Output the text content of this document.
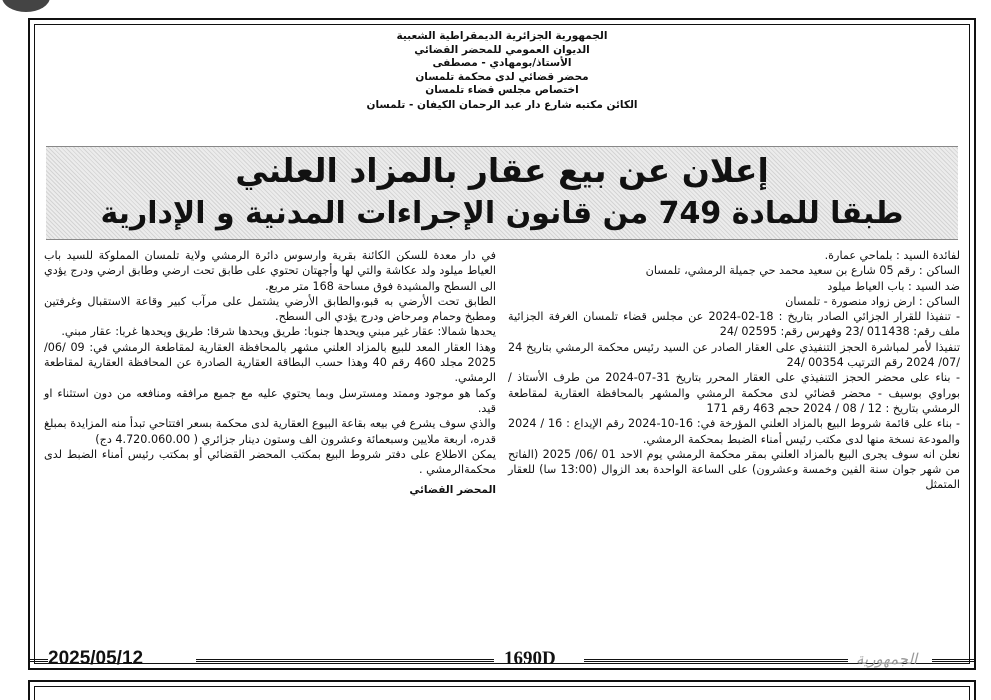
الجمهورية الجزائرية الديمقراطية الشعبية
الديوان العمومي للمحضر القضائي
الأستاذ/بومهادي - مصطفى
محضر قضائي لدى محكمة تلمسان
اختصاص مجلس قضاء تلمسان
الكائن مكتبه شارع دار عبد الرحمان الكيفان - تلمسان
إعلان عن بيع عقار بالمزاد العلني
طبقا للمادة 749 من قانون الإجراءات المدنية و الإدارية

لفائدة السيد : بلماحي عمارة.

الساكن : رقم 05 شارع بن سعيد محمد حي جميلة الرمشي، تلمسان

ضد السيد : باب العياط ميلود

الساكن : ارض زواد منصورة - تلمسان

- تنفيذا للقرار الجزائي الصادر بتاريخ : 18-02-2024 عن مجلس قضاء تلمسان الغرفة الجزائية ملف رقم: 011438 /23 وفهرس رقم: 02595 /24

تنفيذا لأمر لمباشرة الحجز التنفيذي على العقار الصادر عن السيد رئيس محكمة الرمشي بتاريخ 24 /07/ 2024 رقم الترتيب 00354 /24

- بناء على محضر الحجز التنفيذي على العقار المحرر بتاريخ 31-07-2024 من طرف الأستاذ / بوراوي بوسيف - محضر قضائي لدى محكمة الرمشي والمشهر بالمحافظة العقارية لمقاطعة الرمشي بتاريخ : 12 / 08 / 2024 حجم 463 رقم 171

- بناء على قائمة شروط البيع بالمزاد العلني المؤرخة في: 16-10-2024 رقم الإيداع : 16 / 2024 والمودعة نسخة منها لدى مكتب رئيس أمناء الضبط بمحكمة الرمشي.

نعلن انه سوف يجرى البيع بالمزاد العلني بمقر محكمة الرمشي يوم الاحد 01 /06/ 2025 (الفاتح من شهر جوان سنة الفين وخمسة وعشرون) على الساعة الواحدة بعد الزوال (13:00 سا) للعقار المتمثل

في دار معدة للسكن الكائنة بقرية وارسوس دائرة الرمشي ولاية تلمسان المملوكة للسيد باب العياط ميلود ولد عكاشة والتي لها وأجهتان تحتوي على طابق تحت ارضي وطابق ارضي ودرج يؤدي الى السطح والمشيدة فوق مساحة 168 متر مربع.

الطابق تحت الأرضي به قبو،والطابق الأرضي يشتمل على مرآب كبير وقاعة الاستقبال وغرفتين ومطبخ وحمام ومرحاض ودرج يؤدي الى السطح.

يحدها شمالا: عقار غير مبني ويحدها جنوبا: طريق ويحدها شرقا: طريق ويحدها غربا: عقار مبني.

وهذا العقار المعد للبيع بالمزاد العلني مشهر بالمحافظة العقارية لمقاطعة الرمشي في: 09 /06/ 2025 مجلد 460 رقم 40 وهذا حسب البطاقة العقارية الصادرة عن المحافظة العقارية لمقاطعة الرمشي.

وكما هو موجود وممتد ومسترسل وبما يحتوي عليه مع جميع مرافقه ومنافعه من دون استثناء او قيد.

والذي سوف يشرع في بيعه بقاعة البيوع العقارية لدى محكمة بسعر افتتاحي تبدأ منه المزايدة بمبلغ قدره، اربعة ملايين وسبعمائة وعشرون الف وستون دينار جزائري ( 4.720.060.00 دج)

يمكن الاطلاع على دفتر شروط البيع بمكتب المحضر القضائي أو بمكتب رئيس أمناء الضبط لدى محكمةالرمشي .

المحضر القضائي

2025/05/12	1690D	الجمهورية
